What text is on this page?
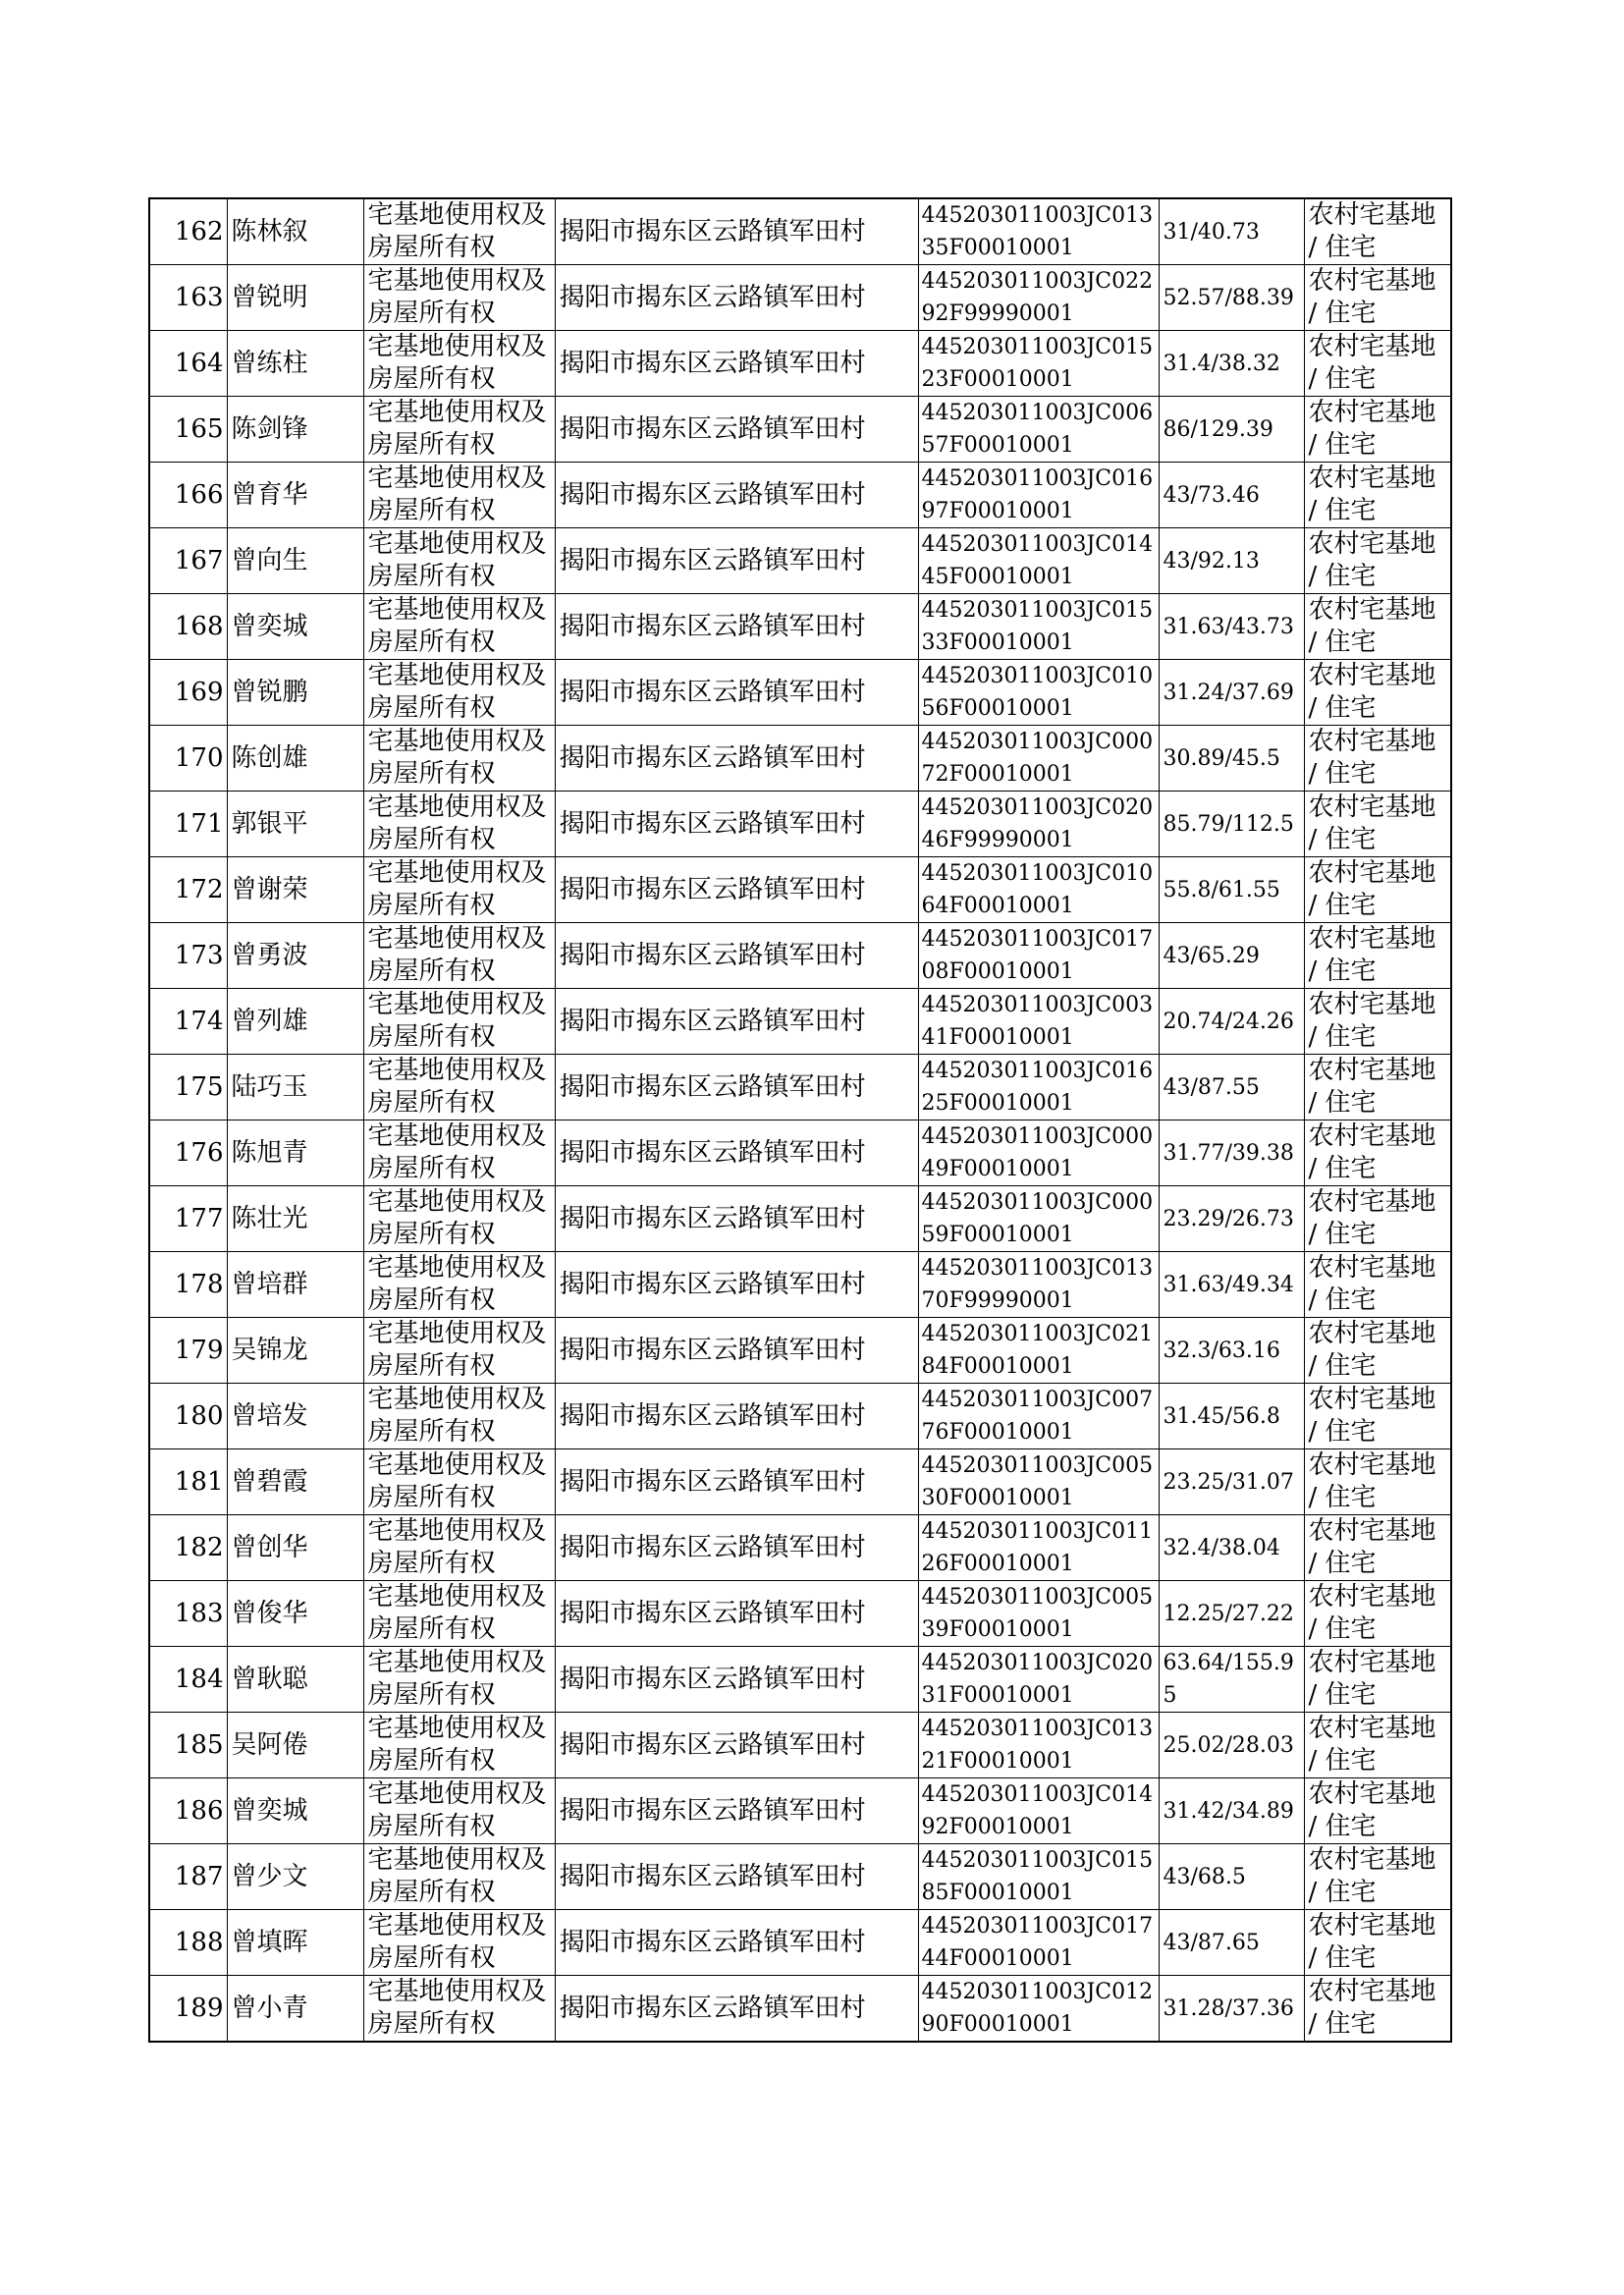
162	陈林叙	宅基地使用权及房屋所有权	揭阳市揭东区云路镇军田村	445203011003JC01335F00010001	31/40.73	农村宅基地 / 住宅
163	曾锐明	宅基地使用权及房屋所有权	揭阳市揭东区云路镇军田村	445203011003JC02292F99990001	52.57/88.39	农村宅基地 / 住宅
164	曾练柱	宅基地使用权及房屋所有权	揭阳市揭东区云路镇军田村	445203011003JC01523F00010001	31.4/38.32	农村宅基地 / 住宅
165	陈剑锋	宅基地使用权及房屋所有权	揭阳市揭东区云路镇军田村	445203011003JC00657F00010001	86/129.39	农村宅基地 / 住宅
166	曾育华	宅基地使用权及房屋所有权	揭阳市揭东区云路镇军田村	445203011003JC01697F00010001	43/73.46	农村宅基地 / 住宅
167	曾向生	宅基地使用权及房屋所有权	揭阳市揭东区云路镇军田村	445203011003JC01445F00010001	43/92.13	农村宅基地 / 住宅
168	曾奕城	宅基地使用权及房屋所有权	揭阳市揭东区云路镇军田村	445203011003JC01533F00010001	31.63/43.73	农村宅基地 / 住宅
169	曾锐鹏	宅基地使用权及房屋所有权	揭阳市揭东区云路镇军田村	445203011003JC01056F00010001	31.24/37.69	农村宅基地 / 住宅
170	陈创雄	宅基地使用权及房屋所有权	揭阳市揭东区云路镇军田村	445203011003JC00072F00010001	30.89/45.5	农村宅基地 / 住宅
171	郭银平	宅基地使用权及房屋所有权	揭阳市揭东区云路镇军田村	445203011003JC02046F99990001	85.79/112.5	农村宅基地 / 住宅
172	曾谢荣	宅基地使用权及房屋所有权	揭阳市揭东区云路镇军田村	445203011003JC01064F00010001	55.8/61.55	农村宅基地 / 住宅
173	曾勇波	宅基地使用权及房屋所有权	揭阳市揭东区云路镇军田村	445203011003JC01708F00010001	43/65.29	农村宅基地 / 住宅
174	曾列雄	宅基地使用权及房屋所有权	揭阳市揭东区云路镇军田村	445203011003JC00341F00010001	20.74/24.26	农村宅基地 / 住宅
175	陆巧玉	宅基地使用权及房屋所有权	揭阳市揭东区云路镇军田村	445203011003JC01625F00010001	43/87.55	农村宅基地 / 住宅
176	陈旭青	宅基地使用权及房屋所有权	揭阳市揭东区云路镇军田村	445203011003JC00049F00010001	31.77/39.38	农村宅基地 / 住宅
177	陈壮光	宅基地使用权及房屋所有权	揭阳市揭东区云路镇军田村	445203011003JC00059F00010001	23.29/26.73	农村宅基地 / 住宅
178	曾培群	宅基地使用权及房屋所有权	揭阳市揭东区云路镇军田村	445203011003JC01370F99990001	31.63/49.34	农村宅基地 / 住宅
179	吴锦龙	宅基地使用权及房屋所有权	揭阳市揭东区云路镇军田村	445203011003JC02184F00010001	32.3/63.16	农村宅基地 / 住宅
180	曾培发	宅基地使用权及房屋所有权	揭阳市揭东区云路镇军田村	445203011003JC00776F00010001	31.45/56.8	农村宅基地 / 住宅
181	曾碧霞	宅基地使用权及房屋所有权	揭阳市揭东区云路镇军田村	445203011003JC00530F00010001	23.25/31.07	农村宅基地 / 住宅
182	曾创华	宅基地使用权及房屋所有权	揭阳市揭东区云路镇军田村	445203011003JC01126F00010001	32.4/38.04	农村宅基地 / 住宅
183	曾俊华	宅基地使用权及房屋所有权	揭阳市揭东区云路镇军田村	445203011003JC00539F00010001	12.25/27.22	农村宅基地 / 住宅
184	曾耿聪	宅基地使用权及房屋所有权	揭阳市揭东区云路镇军田村	445203011003JC02031F00010001	63.64/155.95	农村宅基地 / 住宅
185	吴阿倦	宅基地使用权及房屋所有权	揭阳市揭东区云路镇军田村	445203011003JC01321F00010001	25.02/28.03	农村宅基地 / 住宅
186	曾奕城	宅基地使用权及房屋所有权	揭阳市揭东区云路镇军田村	445203011003JC01492F00010001	31.42/34.89	农村宅基地 / 住宅
187	曾少文	宅基地使用权及房屋所有权	揭阳市揭东区云路镇军田村	445203011003JC01585F00010001	43/68.5	农村宅基地 / 住宅
188	曾填晖	宅基地使用权及房屋所有权	揭阳市揭东区云路镇军田村	445203011003JC01744F00010001	43/87.65	农村宅基地 / 住宅
189	曾小青	宅基地使用权及房屋所有权	揭阳市揭东区云路镇军田村	445203011003JC01290F00010001	31.28/37.36	农村宅基地 / 住宅
